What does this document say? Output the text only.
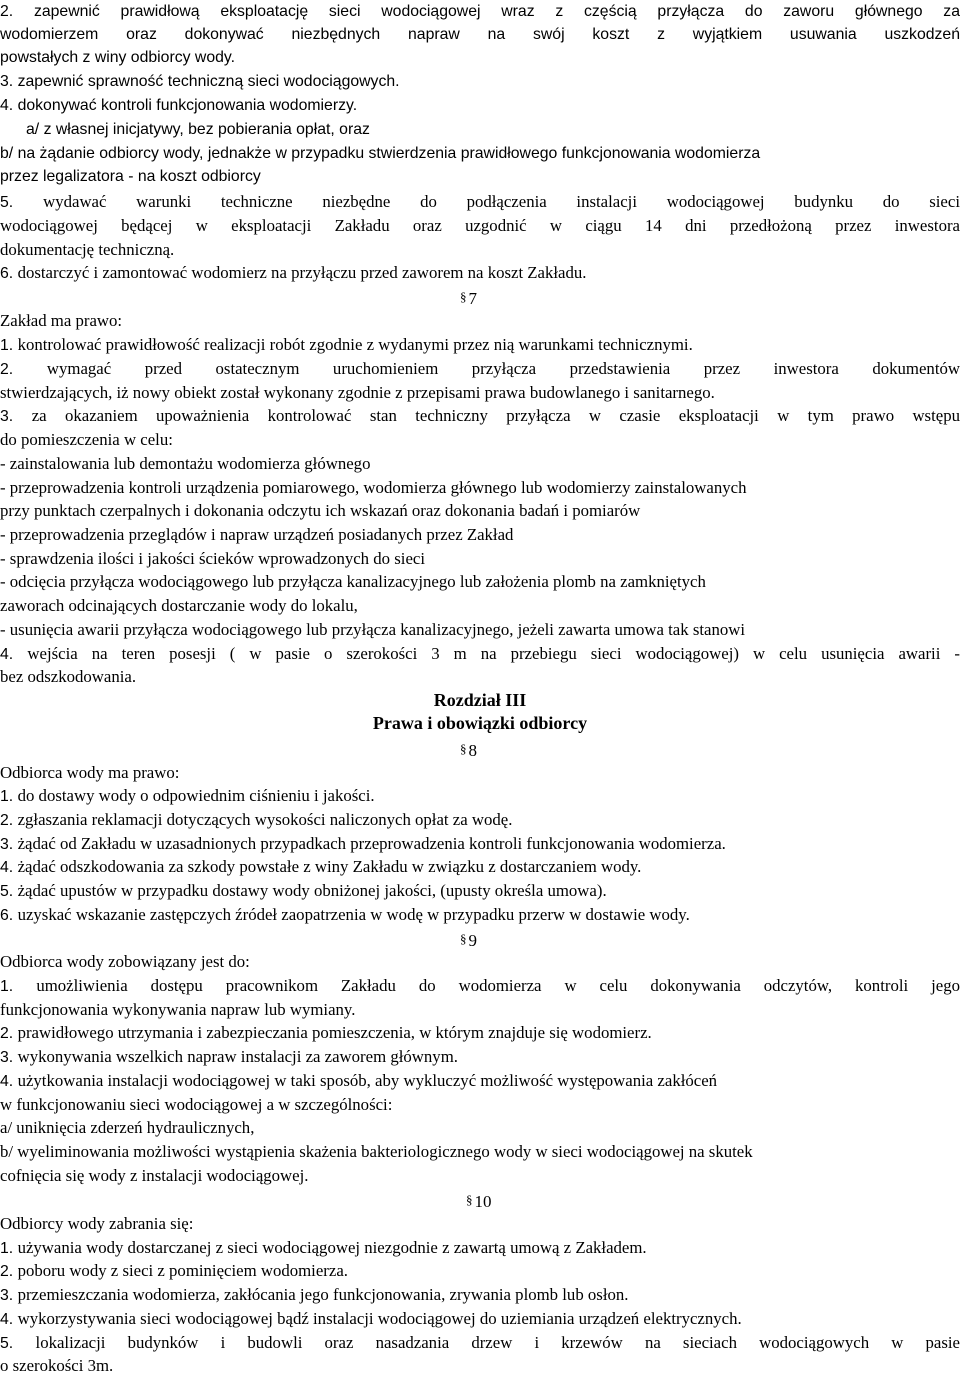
2. zapewnić prawidłową eksploatację sieci wodociągowej wraz z częścią przyłącza do zaworu głównego za
wodomierzem oraz dokonywać niezbędnych napraw na swój koszt z wyjątkiem usuwania uszkodzeń
powstałych z winy odbiorcy wody.
3. zapewnić sprawność techniczną sieci wodociągowych.
4. dokonywać kontroli funkcjonowania wodomierzy.
a/ z własnej inicjatywy, bez pobierania opłat, oraz
b/ na żądanie odbiorcy wody, jednakże w przypadku stwierdzenia prawidłowego funkcjonowania wodomierza
przez legalizatora - na koszt odbiorcy
5. wydawać warunki techniczne niezbędne do podłączenia instalacji wodociągowej budynku do sieci
wodociągowej będącej w eksploatacji Zakładu oraz uzgodnić w ciągu 14 dni przedłożoną przez inwestora
dokumentację techniczną.
6. dostarczyć i zamontować wodomierz na przyłączu przed zaworem na koszt Zakładu.
§ 7
Zakład ma prawo:
1. kontrolować prawidłowość realizacji robót zgodnie z wydanymi przez nią warunkami technicznymi.
2. wymagać przed ostatecznym uruchomieniem przyłącza przedstawienia przez inwestora dokumentów
stwierdzających, iż nowy obiekt został wykonany zgodnie z przepisami prawa budowlanego i sanitarnego.
3. za okazaniem upoważnienia kontrolować stan techniczny przyłącza w czasie eksploatacji w tym prawo wstępu
do pomieszczenia w celu:
- zainstalowania lub demontażu wodomierza głównego
- przeprowadzenia kontroli urządzenia pomiarowego, wodomierza głównego lub wodomierzy zainstalowanych
przy punktach czerpalnych i dokonania odczytu ich wskazań oraz dokonania badań i pomiarów
- przeprowadzenia przeglądów i napraw urządzeń posiadanych przez Zakład
- sprawdzenia ilości i jakości ścieków wprowadzonych do sieci
- odcięcia przyłącza wodociągowego lub przyłącza kanalizacyjnego lub założenia plomb na zamkniętych
zaworach odcinających dostarczanie wody do lokalu,
- usunięcia awarii przyłącza wodociągowego lub przyłącza kanalizacyjnego, jeżeli zawarta umowa tak stanowi
4. wejścia na teren posesji ( w pasie o szerokości 3 m na przebiegu sieci wodociągowej) w celu usunięcia awarii -
bez odszkodowania.
Rozdział III
Prawa i obowiązki odbiorcy
§ 8
Odbiorca wody ma prawo:
1. do dostawy wody o odpowiednim ciśnieniu i jakości.
2. zgłaszania reklamacji dotyczących wysokości naliczonych opłat za wodę.
3. żądać od Zakładu w uzasadnionych przypadkach przeprowadzenia kontroli funkcjonowania wodomierza.
4. żądać odszkodowania za szkody powstałe z winy Zakładu w związku z dostarczaniem wody.
5. żądać upustów w przypadku dostawy wody obniżonej jakości, (upusty określa umowa).
6. uzyskać wskazanie zastępczych źródeł zaopatrzenia w wodę w przypadku przerw w dostawie wody.
§ 9
Odbiorca wody zobowiązany jest do:
1. umożliwienia dostępu pracownikom Zakładu do wodomierza w celu dokonywania odczytów, kontroli jego
funkcjonowania wykonywania napraw lub wymiany.
2. prawidłowego utrzymania i zabezpieczania pomieszczenia, w którym znajduje się wodomierz.
3. wykonywania wszelkich napraw instalacji za zaworem głównym.
4. użytkowania instalacji wodociągowej w taki sposób, aby wykluczyć możliwość występowania zakłóceń
w funkcjonowaniu sieci wodociągowej a w szczególności:
a/ uniknięcia zderzeń hydraulicznych,
b/ wyeliminowania możliwości wystąpienia skażenia bakteriologicznego wody w sieci wodociągowej na skutek
cofnięcia się wody z instalacji wodociągowej.
§ 10
Odbiorcy wody zabrania się:
1. używania wody dostarczanej z sieci wodociągowej niezgodnie z zawartą umową z Zakładem.
2. poboru wody z sieci z pominięciem wodomierza.
3. przemieszczania wodomierza, zakłócania jego funkcjonowania, zrywania plomb lub osłon.
4. wykorzystywania sieci wodociągowej bądź instalacji wodociągowej do uziemiania urządzeń elektrycznych.
5. lokalizacji budynków i budowli oraz nasadzania drzew i krzewów na sieciach wodociągowych w pasie
o szerokości 3m.
